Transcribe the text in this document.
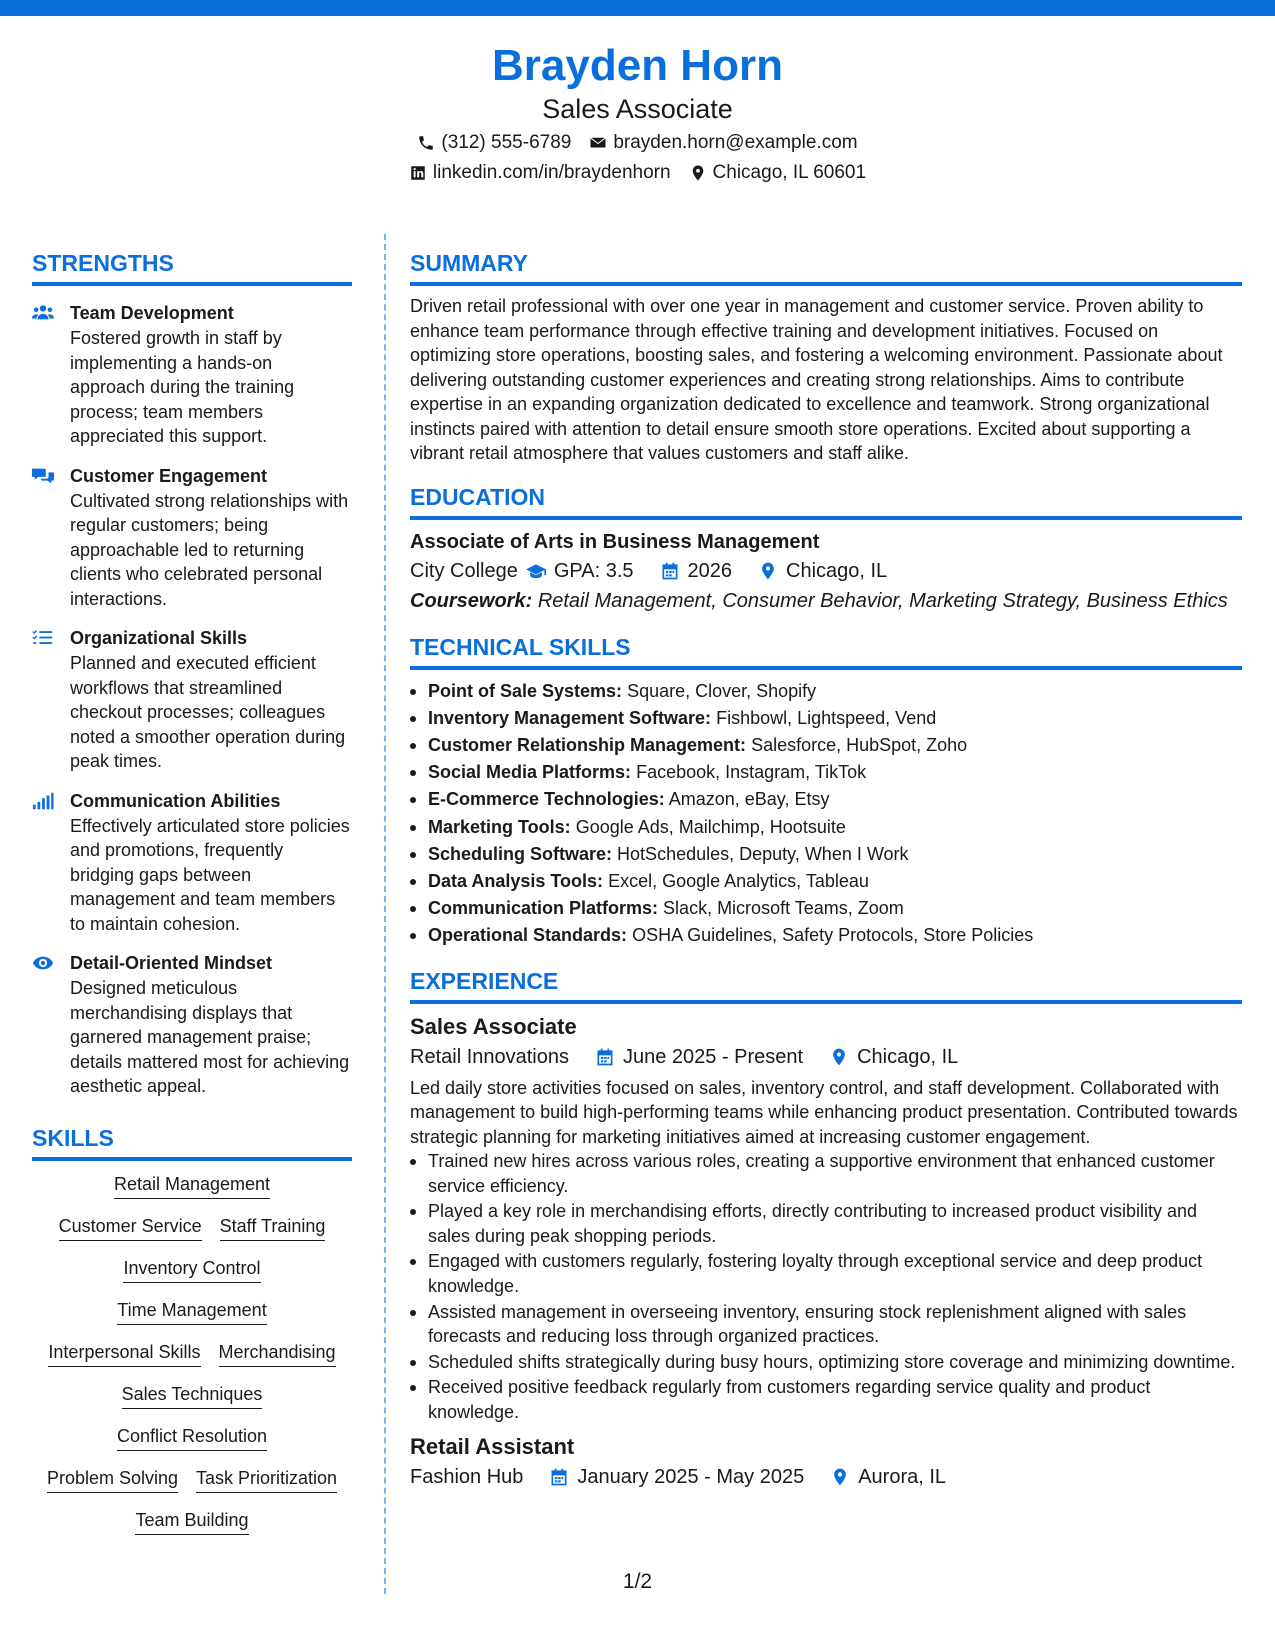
Brayden Horn
Sales Associate
(312) 555-6789 brayden.horn@example.com
linkedin.com/in/braydenhorn Chicago, IL 60601
STRENGTHS
Team Development
Fostered growth in staff by implementing a hands-on approach during the training process; team members appreciated this support.
Customer Engagement
Cultivated strong relationships with regular customers; being approachable led to returning clients who celebrated personal interactions.
Organizational Skills
Planned and executed efficient workflows that streamlined checkout processes; colleagues noted a smoother operation during peak times.
Communication Abilities
Effectively articulated store policies and promotions, frequently bridging gaps between management and team members to maintain cohesion.
Detail-Oriented Mindset
Designed meticulous merchandising displays that garnered management praise; details mattered most for achieving aesthetic appeal.
SKILLS
Retail Management
Customer Service Staff Training
Inventory Control
Time Management
Interpersonal Skills Merchandising
Sales Techniques
Conflict Resolution
Problem Solving Task Prioritization
Team Building
SUMMARY
Driven retail professional with over one year in management and customer service. Proven ability to enhance team performance through effective training and development initiatives. Focused on optimizing store operations, boosting sales, and fostering a welcoming environment. Passionate about delivering outstanding customer experiences and creating strong relationships. Aims to contribute expertise in an expanding organization dedicated to excellence and teamwork. Strong organizational instincts paired with attention to detail ensure smooth store operations. Excited about supporting a vibrant retail atmosphere that values customers and staff alike.
EDUCATION
Associate of Arts in Business Management
City College GPA: 3.5	2026	Chicago, IL
Coursework: Retail Management, Consumer Behavior, Marketing Strategy, Business Ethics
TECHNICAL SKILLS
Point of Sale Systems: Square, Clover, Shopify
Inventory Management Software: Fishbowl, Lightspeed, Vend
Customer Relationship Management: Salesforce, HubSpot, Zoho
Social Media Platforms: Facebook, Instagram, TikTok
E-Commerce Technologies: Amazon, eBay, Etsy
Marketing Tools: Google Ads, Mailchimp, Hootsuite
Scheduling Software: HotSchedules, Deputy, When I Work
Data Analysis Tools: Excel, Google Analytics, Tableau
Communication Platforms: Slack, Microsoft Teams, Zoom
Operational Standards: OSHA Guidelines, Safety Protocols, Store Policies
EXPERIENCE
Sales Associate
Retail Innovations	June 2025 - Present	Chicago, IL
Led daily store activities focused on sales, inventory control, and staff development. Collaborated with management to build high-performing teams while enhancing product presentation. Contributed towards strategic planning for marketing initiatives aimed at increasing customer engagement.
Trained new hires across various roles, creating a supportive environment that enhanced customer service efficiency.
Played a key role in merchandising efforts, directly contributing to increased product visibility and sales during peak shopping periods.
Engaged with customers regularly, fostering loyalty through exceptional service and deep product knowledge.
Assisted management in overseeing inventory, ensuring stock replenishment aligned with sales forecasts and reducing loss through organized practices.
Scheduled shifts strategically during busy hours, optimizing store coverage and minimizing downtime.
Received positive feedback regularly from customers regarding service quality and product knowledge.
Retail Assistant
Fashion Hub	January 2025 - May 2025	Aurora, IL
1/2
